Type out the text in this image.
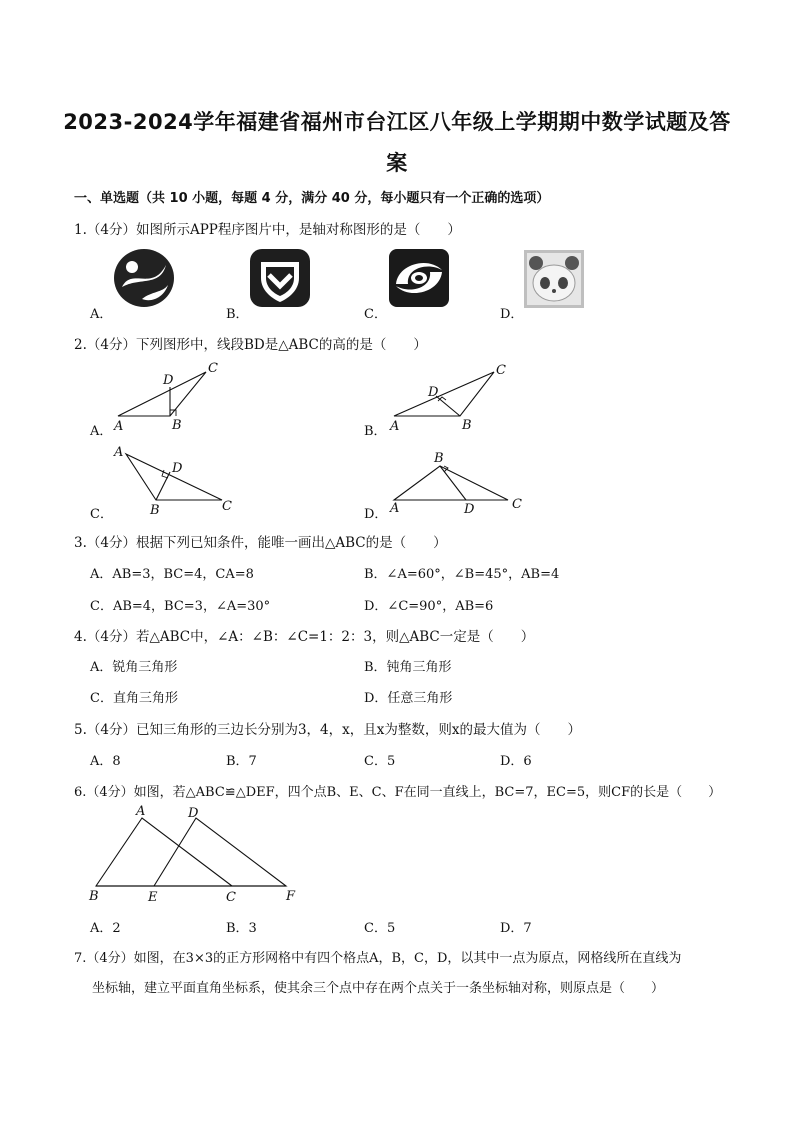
2023-2024学年福建省福州市台江区八年级上学期期中数学试题及答
案
一、单选题（共 10 小题，每题 4 分，满分 40 分，每小题只有一个正确的选项）
1.（4分）如图所示APP程序图片中，是轴对称图形的是（　　）
A．	B．	C．	D．
2.（4分）下列图形中，线段BD是△ABC的高的是（　　）
A．	B．
C．	D．
A	B
C
D
A	B
C
D
A
B	C
D
A
B
C
D
3.（4分）根据下列已知条件，能唯一画出△ABC的是（　　）
A．AB=3，BC=4，CA=8	B．∠A=60°，∠B=45°，AB=4
C．AB=4，BC=3，∠A=30°	D．∠C=90°，AB=6
4.（4分）若△ABC中，∠A：∠B：∠C=1：2：3，则△ABC一定是（　　）
A．锐角三角形	B．钝角三角形
C．直角三角形	D．任意三角形
5.（4分）已知三角形的三边长分别为3，4，x，且x为整数，则x的最大值为（　　）
A．8	B．7	C．5	D．6
6.（4分）如图，若△ABC≌△DEF，四个点B、E、C、F在同一直线上，BC=7，EC=5，则CF的长是（　　）
A	D
B	E	C	F
A．2	B．3	C．5	D．7
7.（4分）如图，在3×3的正方形网格中有四个格点A，B，C，D，以其中一点为原点，网格线所在直线为
坐标轴，建立平面直角坐标系，使其余三个点中存在两个点关于一条坐标轴对称，则原点是（　　）
